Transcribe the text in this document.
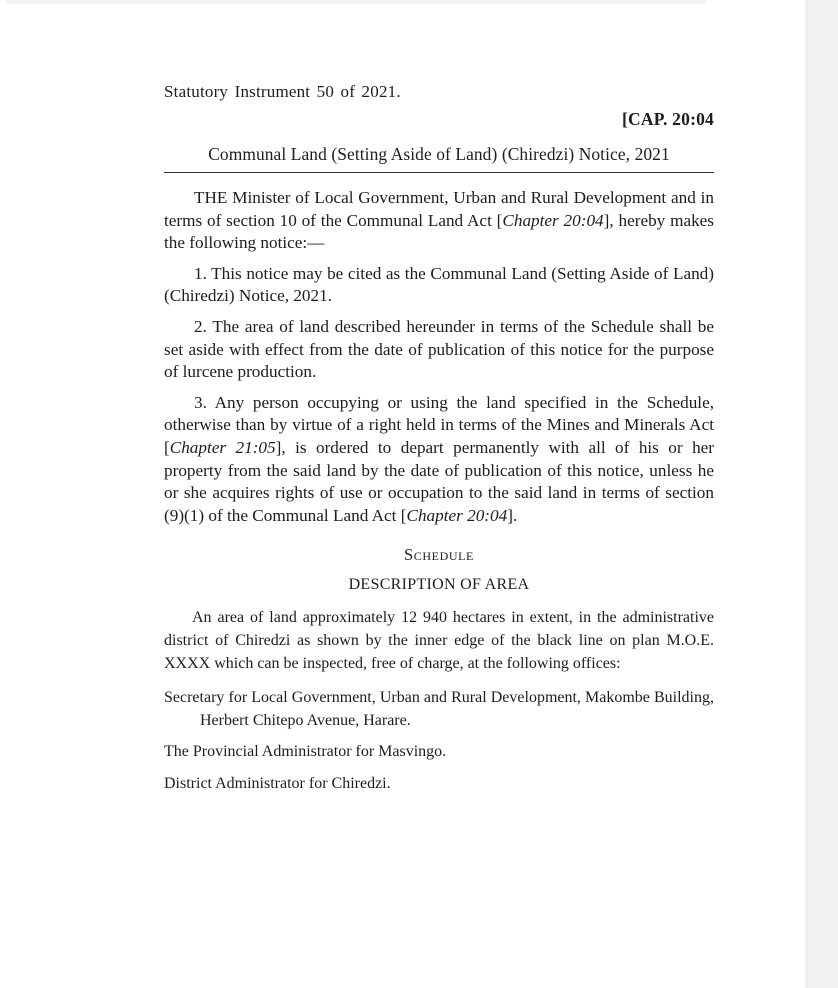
Statutory Instrument 50 of 2021.

[CAP. 20:04

Communal Land (Setting Aside of Land) (Chiredzi) Notice, 2021

THE Minister of Local Government, Urban and Rural Development and in terms of section 10 of the Communal Land Act [Chapter 20:04], hereby makes the following notice:—

1. This notice may be cited as the Communal Land (Setting Aside of Land) (Chiredzi) Notice, 2021.

2. The area of land described hereunder in terms of the Schedule shall be set aside with effect from the date of publication of this notice for the purpose of lurcene production.

3. Any person occupying or using the land specified in the Schedule, otherwise than by virtue of a right held in terms of the Mines and Minerals Act [Chapter 21:05], is ordered to depart permanently with all of his or her property from the said land by the date of publication of this notice, unless he or she acquires rights of use or occupation to the said land in terms of section (9)(1) of the Communal Land Act [Chapter 20:04].

Schedule
DESCRIPTION OF AREA

An area of land approximately 12 940 hectares in extent, in the administrative district of Chiredzi as shown by the inner edge of the black line on plan M.O.E. XXXX which can be inspected, free of charge, at the following offices:

Secretary for Local Government, Urban and Rural Development, Makombe Building, Herbert Chitepo Avenue, Harare.

The Provincial Administrator for Masvingo.

District Administrator for Chiredzi.
